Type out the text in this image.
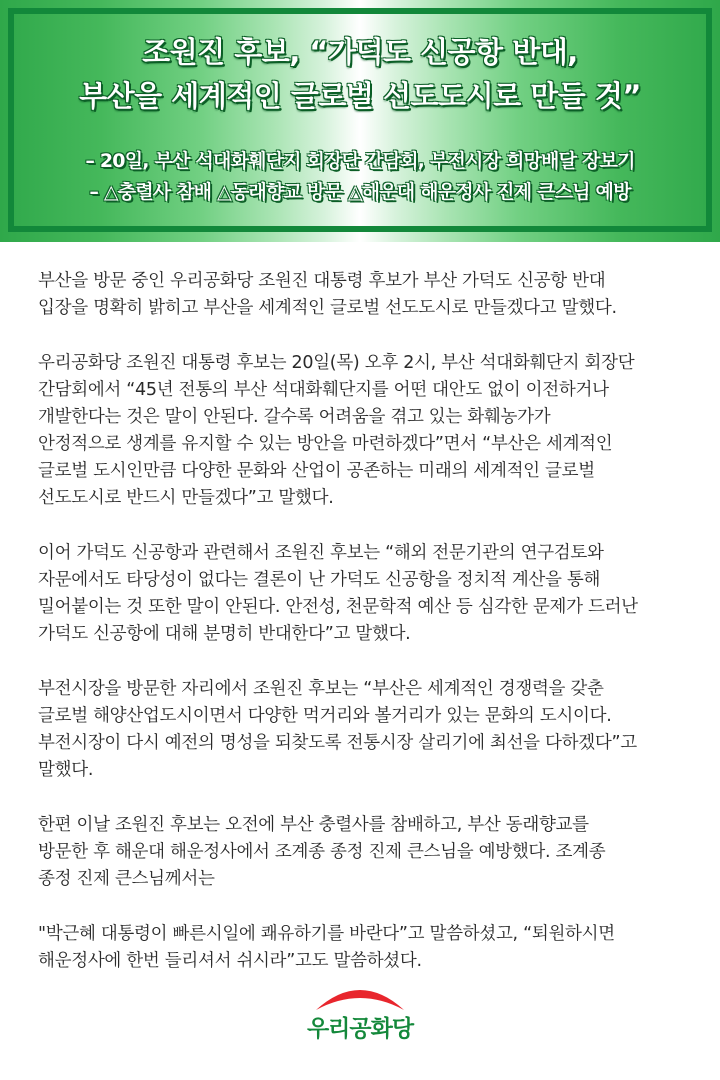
조원진 후보, “가덕도 신공항 반대,
부산을 세계적인 글로벌 선도도시로 만들 것”
– 20일, 부산 석대화훼단지 회장단 간담회, 부전시장 희망배달 장보기
– △충렬사 참배 △동래향교 방문 △해운대 해운정사 진제 큰스님 예방

부산을 방문 중인 우리공화당 조원진 대통령 후보가 부산 가덕도 신공항 반대
입장을 명확히 밝히고 부산을 세계적인 글로벌 선도도시로 만들겠다고 말했다.

우리공화당 조원진 대통령 후보는 20일(목) 오후 2시, 부산 석대화훼단지 회장단
간담회에서 “45년 전통의 부산 석대화훼단지를 어떤 대안도 없이 이전하거나
개발한다는 것은 말이 안된다. 갈수록 어려움을 겪고 있는 화훼농가가
안정적으로 생계를 유지할 수 있는 방안을 마련하겠다”면서 “부산은 세계적인
글로벌 도시인만큼 다양한 문화와 산업이 공존하는 미래의 세계적인 글로벌
선도도시로 반드시 만들겠다”고 말했다.

이어 가덕도 신공항과 관련해서 조원진 후보는 “해외 전문기관의 연구검토와
자문에서도 타당성이 없다는 결론이 난 가덕도 신공항을 정치적 계산을 통해
밀어붙이는 것 또한 말이 안된다. 안전성, 천문학적 예산 등 심각한 문제가 드러난
가덕도 신공항에 대해 분명히 반대한다”고 말했다.

부전시장을 방문한 자리에서 조원진 후보는 “부산은 세계적인 경쟁력을 갖춘
글로벌 해양산업도시이면서 다양한 먹거리와 볼거리가 있는 문화의 도시이다.
부전시장이 다시 예전의 명성을 되찾도록 전통시장 살리기에 최선을 다하겠다”고
말했다.

한편 이날 조원진 후보는 오전에 부산 충렬사를 참배하고, 부산 동래향교를
방문한 후 해운대 해운정사에서 조계종 종정 진제 큰스님을 예방했다. 조계종
종정 진제 큰스님께서는

"박근혜 대통령이 빠른시일에 쾌유하기를 바란다”고 말씀하셨고, “퇴원하시면
해운정사에 한번 들리셔서 쉬시라”고도 말씀하셨다.

우리공화당
